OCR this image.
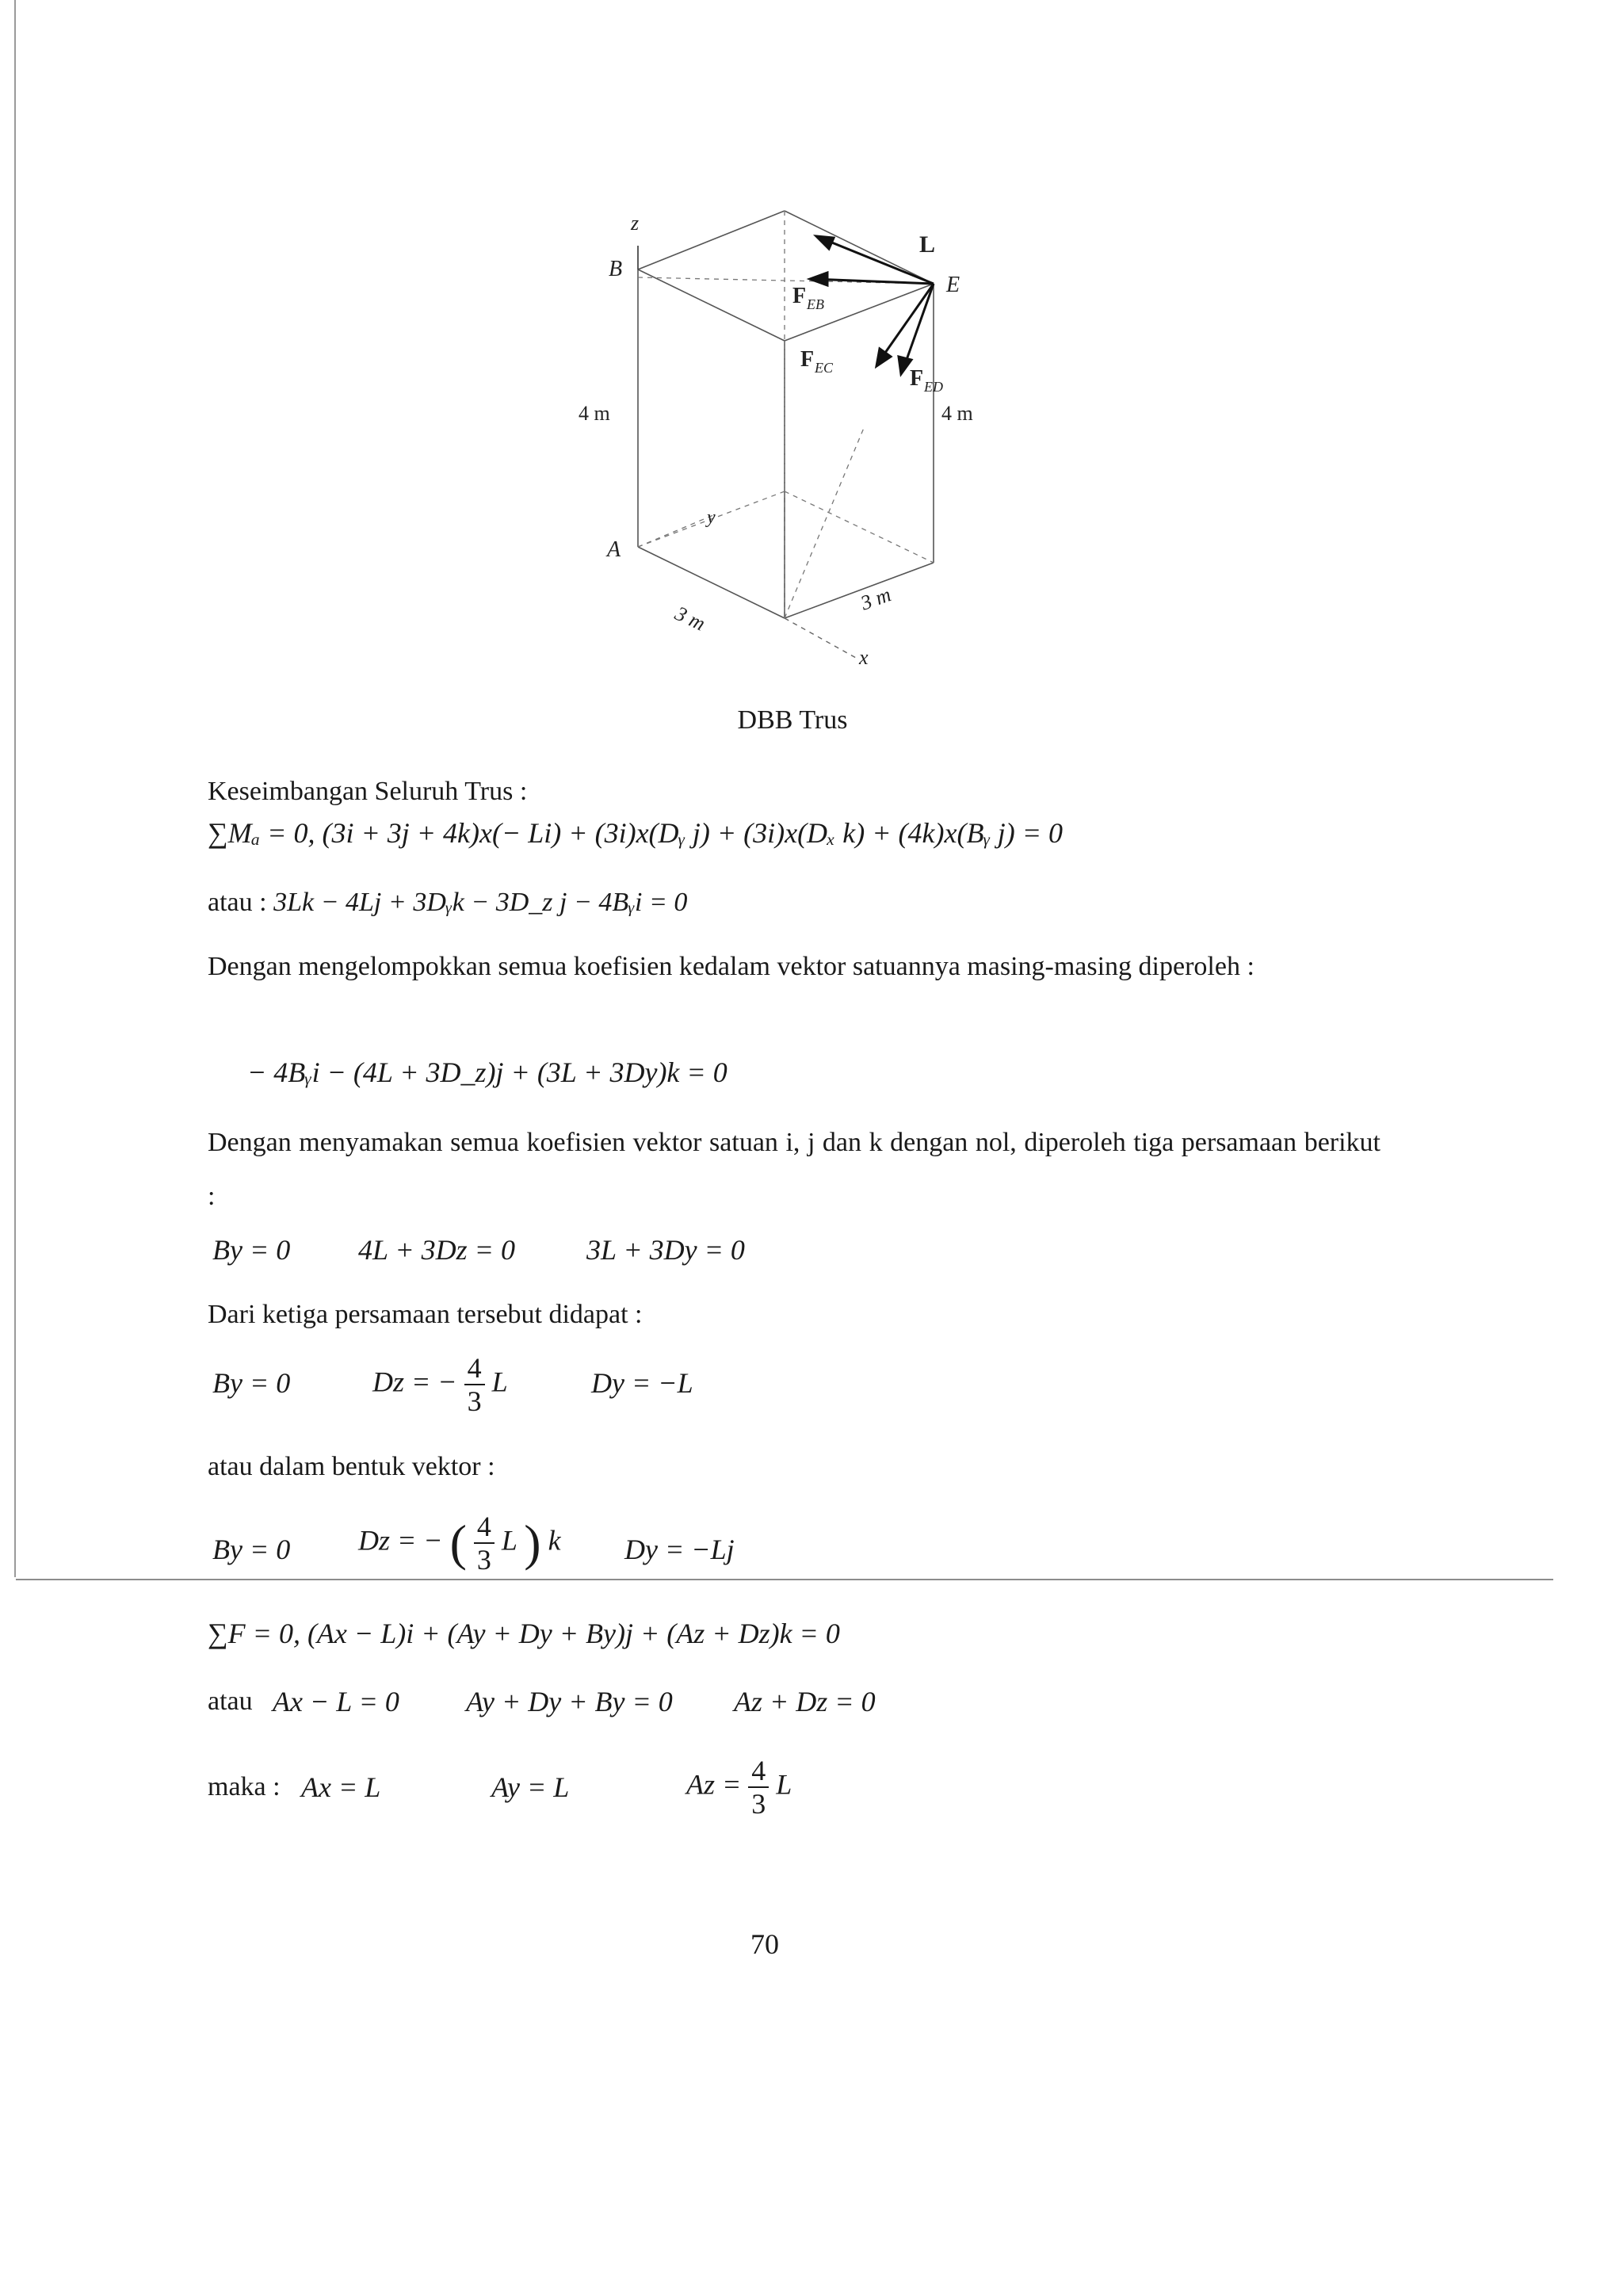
z
B
E
L
F EB
F EC	F ED
4 m	4 m
A
y
3 m
3 m
x
DBB Trus
Keseimbangan Seluruh Trus :
∑Mₐ = 0, (3i + 3j + 4k)x(− Li) + (3i)x(Dᵧ j) + (3i)x(Dₓ k) + (4k)x(Bᵧ j) = 0
atau : 3Lk − 4Lj + 3Dᵧk − 3D_z j − 4Bᵧi = 0
Dengan mengelompokkan semua koefisien kedalam vektor satuannya masing-masing diperoleh :
− 4Bᵧi − (4L + 3D_z)j + (3L + 3Dy)k = 0
Dengan menyamakan semua koefisien vektor satuan i, j dan k dengan nol, diperoleh tiga persamaan berikut :
By = 0 4L + 3Dz = 0	3L + 3Dy = 0
Dari ketiga persamaan tersebut didapat :
By = 0	Dz = − $\frac{4}{3}$ L	Dy = −L
atau dalam bentuk vektor :
By = 0 Dz = − ( $\frac{4}{3}$ L ) k Dy = −Lj
∑F = 0, (Ax − L)i + (Ay + Dy + By)j + (Az + Dz)k = 0
atau Ax − L = 0 Ay + Dy + By = 0 Az + Dz = 0
maka : Ax = L	Ay = L	$Az = \frac{4}{3}$ L
70
